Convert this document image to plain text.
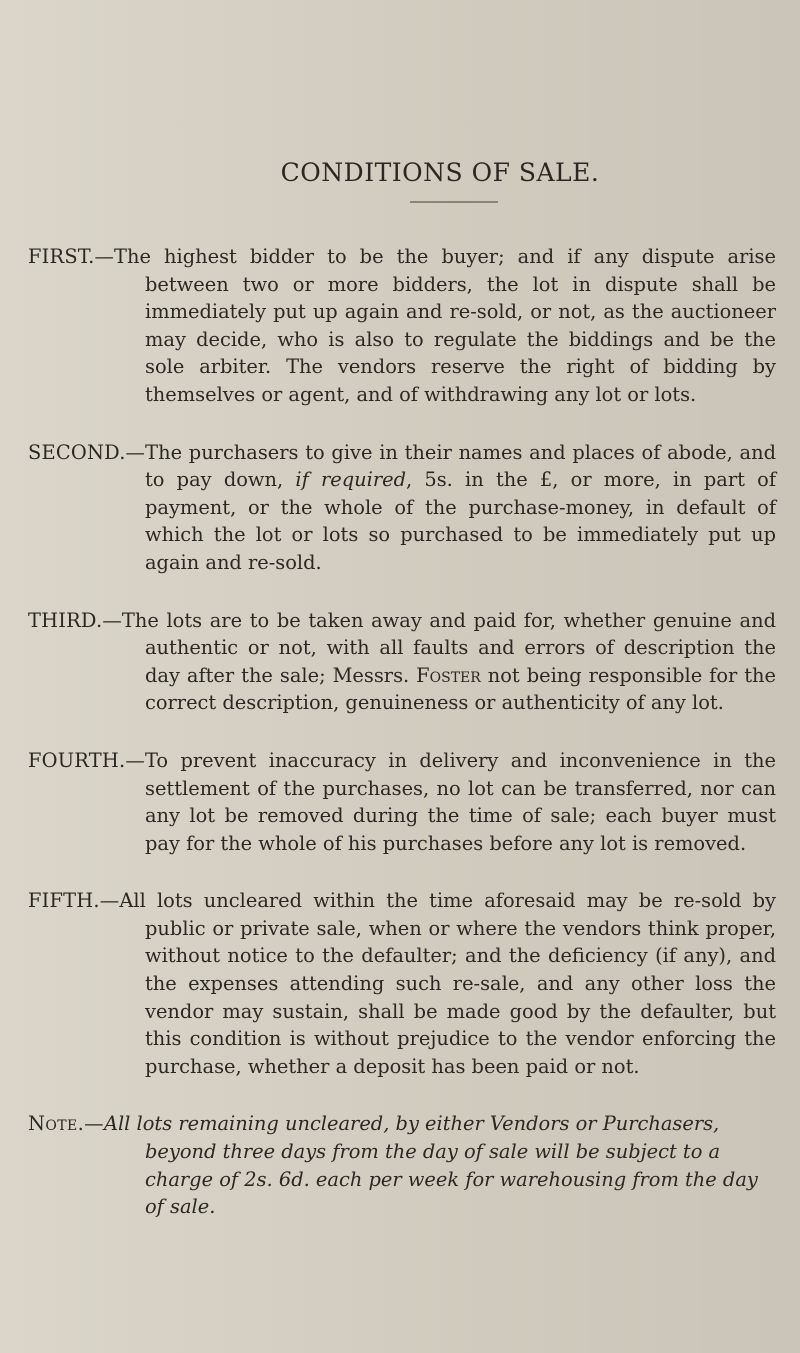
CONDITIONS OF SALE.
FIRST.—The highest bidder to be the buyer; and if any dispute arise between two or more bidders, the lot in dispute shall be immediately put up again and re-sold, or not, as the auctioneer may decide, who is also to regulate the biddings and be the sole arbiter. The vendors reserve the right of bidding by themselves or agent, and of withdrawing any lot or lots.
SECOND.—The purchasers to give in their names and places of abode, and to pay down, if required, 5s. in the £, or more, in part of payment, or the whole of the purchase-money, in default of which the lot or lots so purchased to be immediately put up again and re-sold.
THIRD.—The lots are to be taken away and paid for, whether genuine and authentic or not, with all faults and errors of description the day after the sale; Messrs. Foster not being responsible for the correct description, genuineness or authenticity of any lot.
FOURTH.—To prevent inaccuracy in delivery and inconvenience in the settlement of the purchases, no lot can be transferred, nor can any lot be removed during the time of sale; each buyer must pay for the whole of his purchases before any lot is removed.
FIFTH.—All lots uncleared within the time aforesaid may be re-sold by public or private sale, when or where the vendors think proper, without notice to the defaulter; and the deficiency (if any), and the expenses attending such re-sale, and any other loss the vendor may sustain, shall be made good by the defaulter, but this condition is without prejudice to the vendor enforcing the purchase, whether a deposit has been paid or not.
Note.—All lots remaining uncleared, by either Vendors or Purchasers, beyond three days from the day of sale will be subject to a charge of 2s. 6d. each per week for warehousing from the day of sale.
